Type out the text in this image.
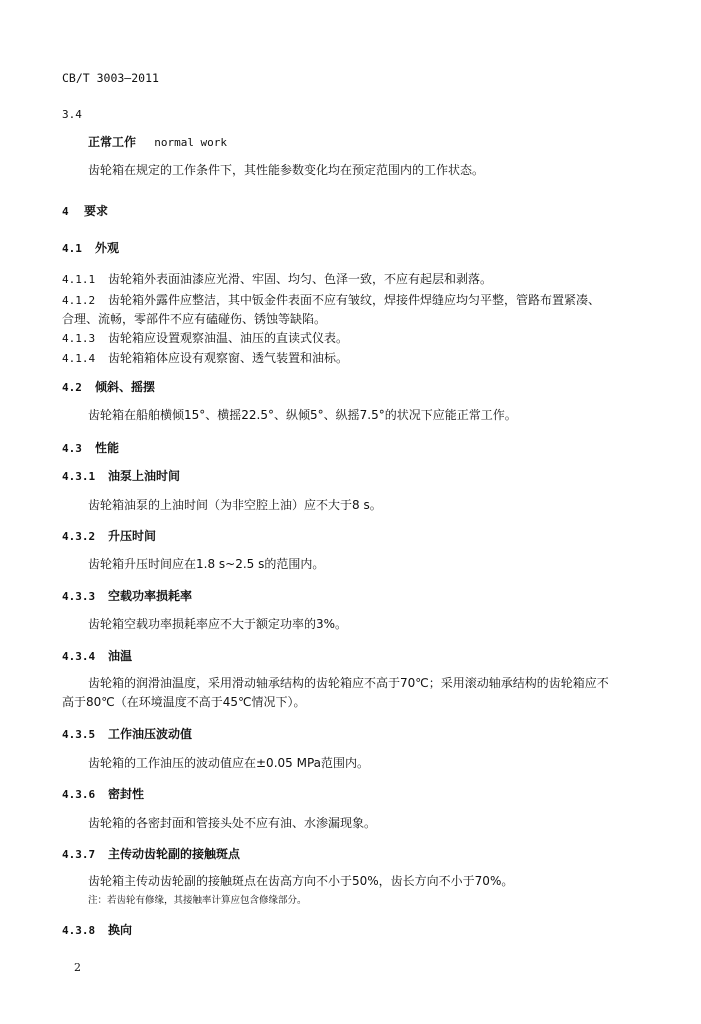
CB/T 3003—2011
3.4
正常工作 normal work
齿轮箱在规定的工作条件下，其性能参数变化均在预定范围内的工作状态。
4 要求
4.1 外观
4.1.1 齿轮箱外表面油漆应光滑、牢固、均匀、色泽一致，不应有起层和剥落。
4.1.2 齿轮箱外露件应整洁，其中钣金件表面不应有皱纹，焊接件焊缝应均匀平整，管路布置紧凑、
合理、流畅，零部件不应有磕碰伤、锈蚀等缺陷。
4.1.3 齿轮箱应设置观察油温、油压的直读式仪表。
4.1.4 齿轮箱箱体应设有观察窗、透气装置和油标。
4.2 倾斜、摇摆
齿轮箱在船舶横倾15°、横摇22.5°、纵倾5°、纵摇7.5°的状况下应能正常工作。
4.3 性能
4.3.1 油泵上油时间
齿轮箱油泵的上油时间（为非空腔上油）应不大于8 s。
4.3.2 升压时间
齿轮箱升压时间应在1.8 s~2.5 s的范围内。
4.3.3 空载功率损耗率
齿轮箱空载功率损耗率应不大于额定功率的3%。
4.3.4 油温
齿轮箱的润滑油温度，采用滑动轴承结构的齿轮箱应不高于70℃；采用滚动轴承结构的齿轮箱应不
高于80℃（在环境温度不高于45℃情况下）。
4.3.5 工作油压波动值
齿轮箱的工作油压的波动值应在±0.05 MPa范围内。
4.3.6 密封性
齿轮箱的各密封面和管接头处不应有油、水渗漏现象。
4.3.7 主传动齿轮副的接触斑点
齿轮箱主传动齿轮副的接触斑点在齿高方向不小于50%，齿长方向不小于70%。
注：若齿轮有修缘，其接触率计算应包含修缘部分。
4.3.8 换向
2
